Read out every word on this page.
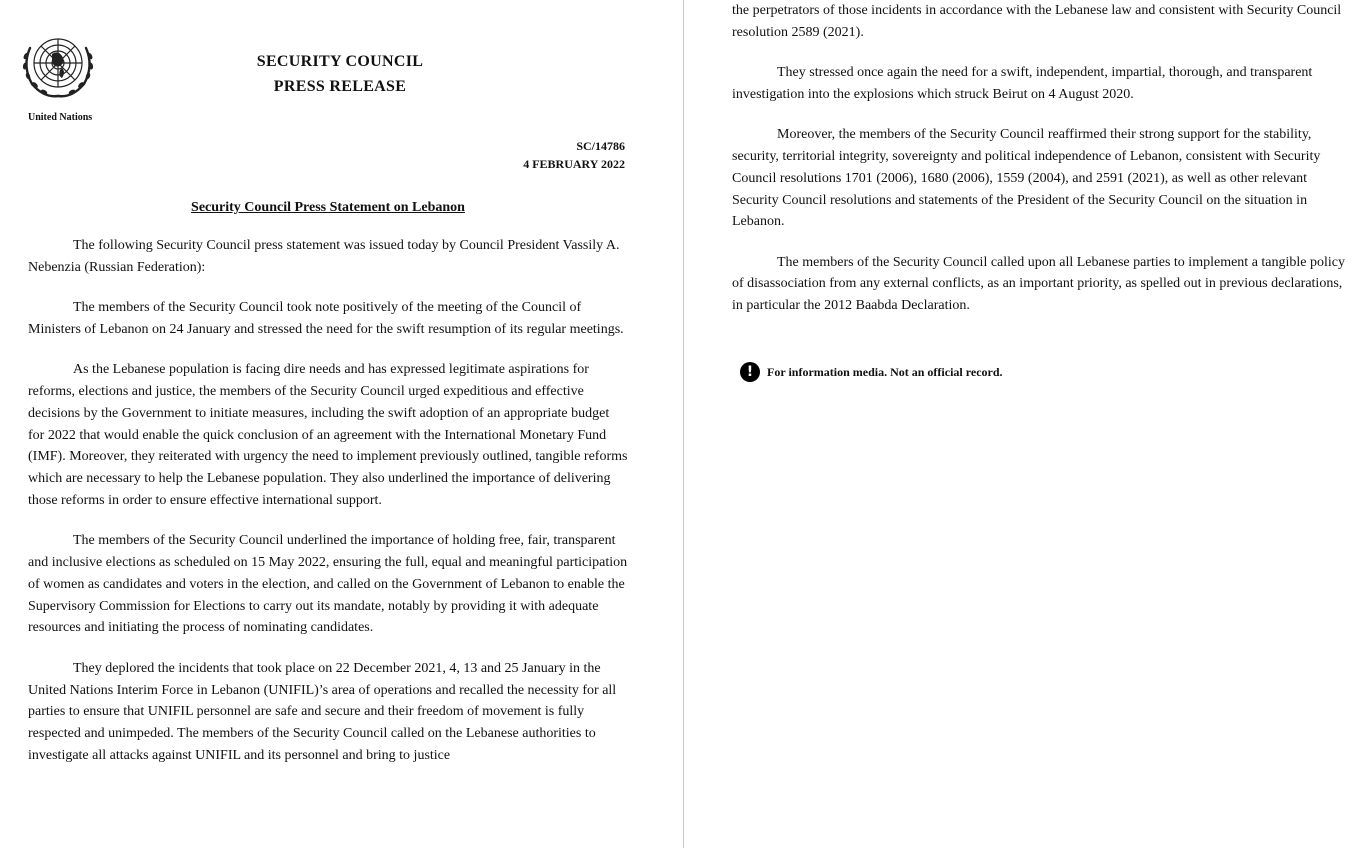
United Nations
SECURITY COUNCIL
PRESS RELEASE
SC/14786
4 FEBRUARY 2022
Security Council Press Statement on Lebanon

The following Security Council press statement was issued today by Council President Vassily A. Nebenzia (Russian Federation):

The members of the Security Council took note positively of the meeting of the Council of Ministers of Lebanon on 24 January and stressed the need for the swift resumption of its regular meetings.

As the Lebanese population is facing dire needs and has expressed legitimate aspirations for reforms, elections and justice, the members of the Security Council urged expeditious and effective decisions by the Government to initiate measures, including the swift adoption of an appropriate budget for 2022 that would enable the quick conclusion of an agreement with the International Monetary Fund (IMF). Moreover, they reiterated with urgency the need to implement previously outlined, tangible reforms which are necessary to help the Lebanese population. They also underlined the importance of delivering those reforms in order to ensure effective international support.

The members of the Security Council underlined the importance of holding free, fair, transparent and inclusive elections as scheduled on 15 May 2022, ensuring the full, equal and meaningful participation of women as candidates and voters in the election, and called on the Government of Lebanon to enable the Supervisory Commission for Elections to carry out its mandate, notably by providing it with adequate resources and initiating the process of nominating candidates.

They deplored the incidents that took place on 22 December 2021, 4, 13 and 25 January in the United Nations Interim Force in Lebanon (UNIFIL)’s area of operations and recalled the necessity for all parties to ensure that UNIFIL personnel are safe and secure and their freedom of movement is fully respected and unimpeded. The members of the Security Council called on the Lebanese authorities to investigate all attacks against UNIFIL and its personnel and bring to justice

the perpetrators of those incidents in accordance with the Lebanese law and consistent with Security Council resolution 2589 (2021).

They stressed once again the need for a swift, independent, impartial, thorough, and transparent investigation into the explosions which struck Beirut on 4 August 2020.

Moreover, the members of the Security Council reaffirmed their strong support for the stability, security, territorial integrity, sovereignty and political independence of Lebanon, consistent with Security Council resolutions 1701 (2006), 1680 (2006), 1559 (2004), and 2591 (2021), as well as other relevant Security Council resolutions and statements of the President of the Security Council on the situation in Lebanon.

The members of the Security Council called upon all Lebanese parties to implement a tangible policy of disassociation from any external conflicts, as an important priority, as spelled out in previous declarations, in particular the 2012 Baabda Declaration.

!	For information media. Not an official record.
